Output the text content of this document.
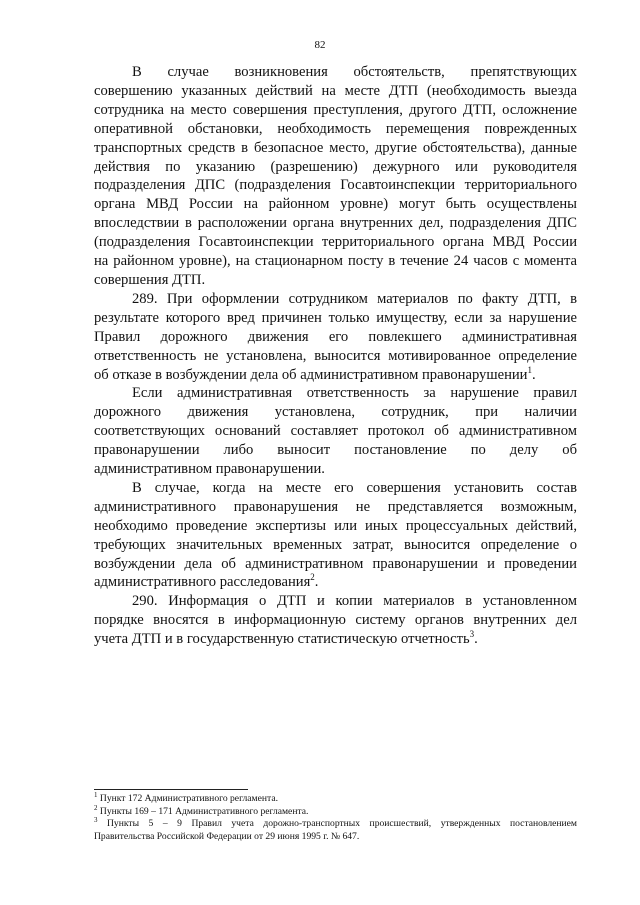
82
В случае возникновения обстоятельств, препятствующих
совершению указанных действий на месте ДТП (необходимость выезда
сотрудника на место совершения преступления, другого ДТП, осложнение
оперативной обстановки, необходимость перемещения поврежденных
транспортных средств в безопасное место, другие обстоятельства), данные
действия по указанию (разрешению) дежурного или руководителя
подразделения ДПС (подразделения Госавтоинспекции территориального
органа МВД России на районном уровне) могут быть осуществлены
впоследствии в расположении органа внутренних дел, подразделения ДПС
(подразделения Госавтоинспекции территориального органа МВД России
на районном уровне), на стационарном посту в течение 24 часов с момента
совершения ДТП.
289. При оформлении сотрудником материалов по факту ДТП, в
результате которого вред причинен только имуществу, если за нарушение
Правил дорожного движения его повлекшего административная
ответственность не установлена, выносится мотивированное определение
об отказе в возбуждении дела об административном правонарушении$^1$.
Если административная ответственность за нарушение правил
дорожного движения установлена, сотрудник, при наличии
соответствующих оснований составляет протокол об административном
правонарушении либо выносит постановление по делу об
административном правонарушении.
В случае, когда на месте его совершения установить состав
административного правонарушения не представляется возможным,
необходимо проведение экспертизы или иных процессуальных действий,
требующих значительных временных затрат, выносится определение о
возбуждении дела об административном правонарушении и проведении
административного расследования$^2$.
290. Информация о ДТП и копии материалов в установленном
порядке вносятся в информационную систему органов внутренних дел
учета ДТП и в государственную статистическую отчетность$^3$.
$^1$ Пункт 172 Административного регламента.
$^2$ Пункты 169 – 171 Административного регламента.
$^3$ Пункты 5 – 9 Правил учета дорожно-транспортных происшествий, утвержденных постановлением
Правительства Российской Федерации от 29 июня 1995 г. № 647.
